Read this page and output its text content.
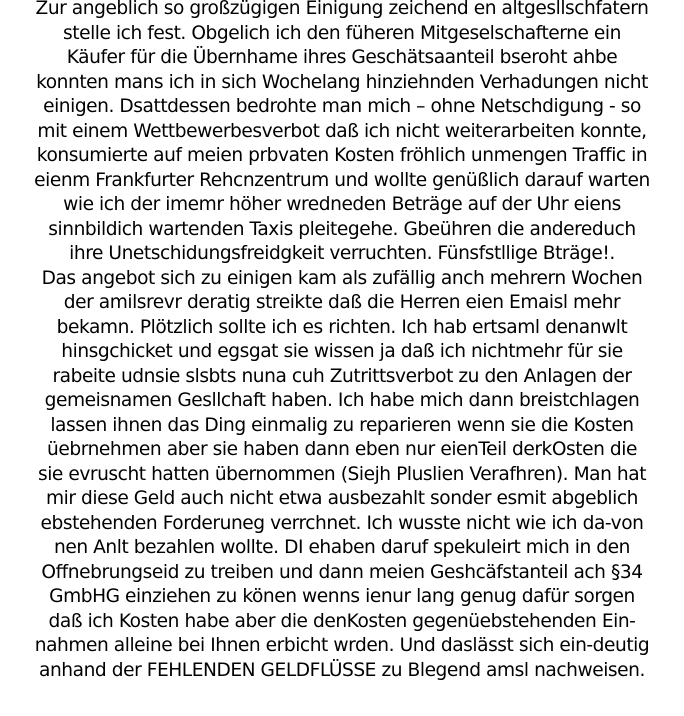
Zur angeblich so großzügigen Einigung zeichend en altgesllschfatern
stelle ich fest. Obgelich ich den füheren Mitgeselschafterne ein
Käufer für die Übernhame ihres Geschätsaanteil bseroht ahbe
konnten mans ich in sich Wochelang hinziehnden Verhadungen nicht
einigen. Dsattdessen bedrohte man mich – ohne Netschdigung - so
mit einem Wettbewerbesverbot daß ich nicht weiterarbeiten konnte,
konsumierte auf meien prbvaten Kosten fröhlich unmengen Traffic in
eienm Frankfurter Rehcnzentrum und wollte genüßlich darauf warten
wie ich der imemr höher wredneden Beträge auf der Uhr eiens
sinnbildich wartenden Taxis pleitegehe. Gbeühren die andereduch
ihre Unetschidungsfreidgkeit verruchten. Fünsfstllige Bträge!.
Das angebot sich zu einigen kam als zufällig anch mehrern Wochen
der amilsrevr deratig streikte daß die Herren eien Emaisl mehr
bekamn. Plötzlich sollte ich es richten. Ich hab ertsaml denanwlt
hinsgchicket und egsgat sie wissen ja daß ich nichtmehr für sie
rabeite udnsie slsbts nuna cuh Zutrittsverbot zu den Anlagen der
gemeisnamen Gesllchaft haben. Ich habe mich dann breistchlagen
lassen ihnen das Ding einmalig zu reparieren wenn sie die Kosten
üebrnehmen aber sie haben dann eben nur eienTeil derkOsten die
sie evruscht hatten übernommen (Siejh Pluslien Verafhren). Man hat
mir diese Geld auch nicht etwa ausbezahlt sonder esmit abgeblich
ebstehenden Forderuneg verrchnet. Ich wusste nicht wie ich da-von
nen Anlt bezahlen wollte. DI ehaben daruf spekuleirt mich in den
Offnebrungseid zu treiben und dann meien Geshcäfstanteil ach §34
GmbHG einziehen zu könen wenns ienur lang genug dafür sorgen
daß ich Kosten habe aber die denKosten gegenüebstehenden Ein-
nahmen alleine bei Ihnen erbicht wrden. Und daslässt sich ein-deutig
anhand der FEHLENDEN GELDFLÜSSE zu Blegend amsl nachweisen.
